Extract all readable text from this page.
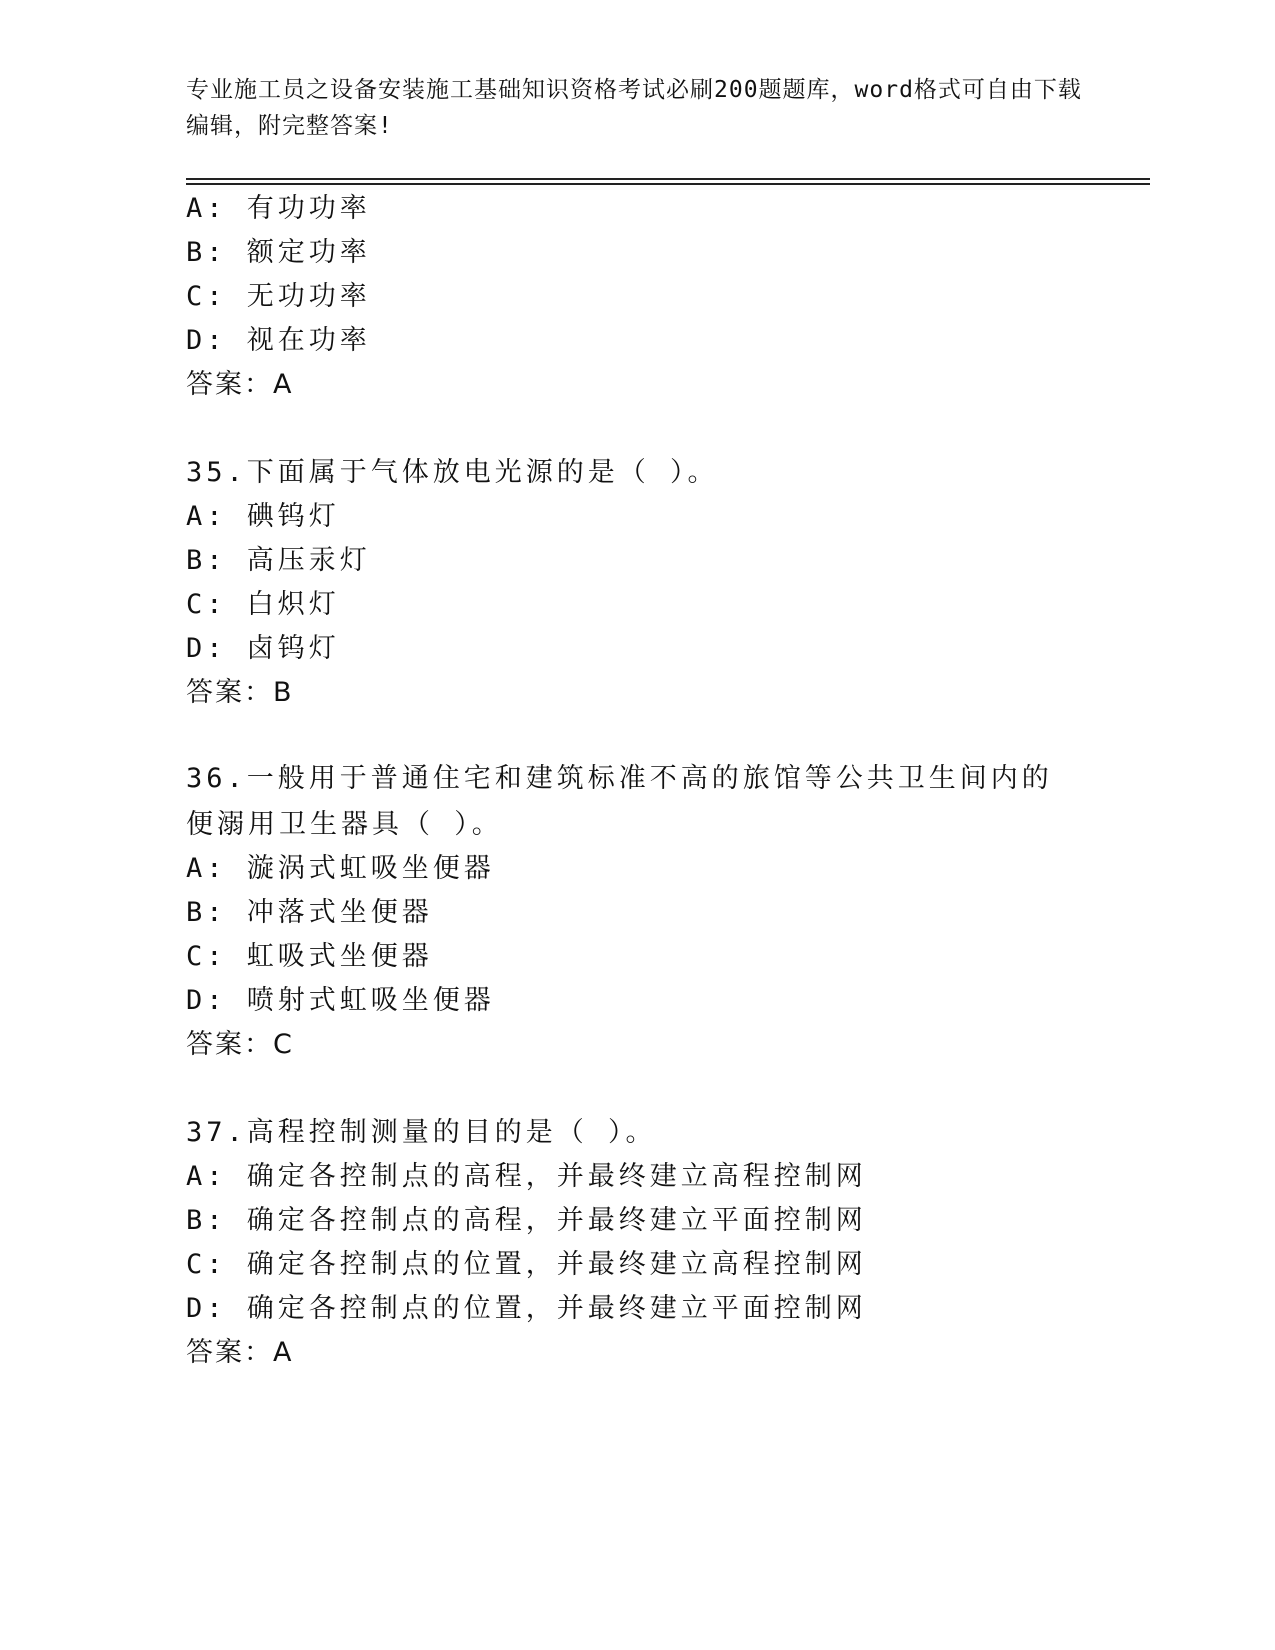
专业施工员之设备安装施工基础知识资格考试必刷200题题库，word格式可自由下载编辑，附完整答案!
A: 有功功率
B: 额定功率
C: 无功功率
D: 视在功率
答案：A
35.下面属于气体放电光源的是（ ）。
A: 碘钨灯
B: 高压汞灯
C: 白炽灯
D: 卤钨灯
答案：B
36.一般用于普通住宅和建筑标准不高的旅馆等公共卫生间内的便溺用卫生器具（ ）。
A: 漩涡式虹吸坐便器
B: 冲落式坐便器
C: 虹吸式坐便器
D: 喷射式虹吸坐便器
答案：C
37.高程控制测量的目的是（ ）。
A: 确定各控制点的高程，并最终建立高程控制网
B: 确定各控制点的高程，并最终建立平面控制网
C: 确定各控制点的位置，并最终建立高程控制网
D: 确定各控制点的位置，并最终建立平面控制网
答案：A
